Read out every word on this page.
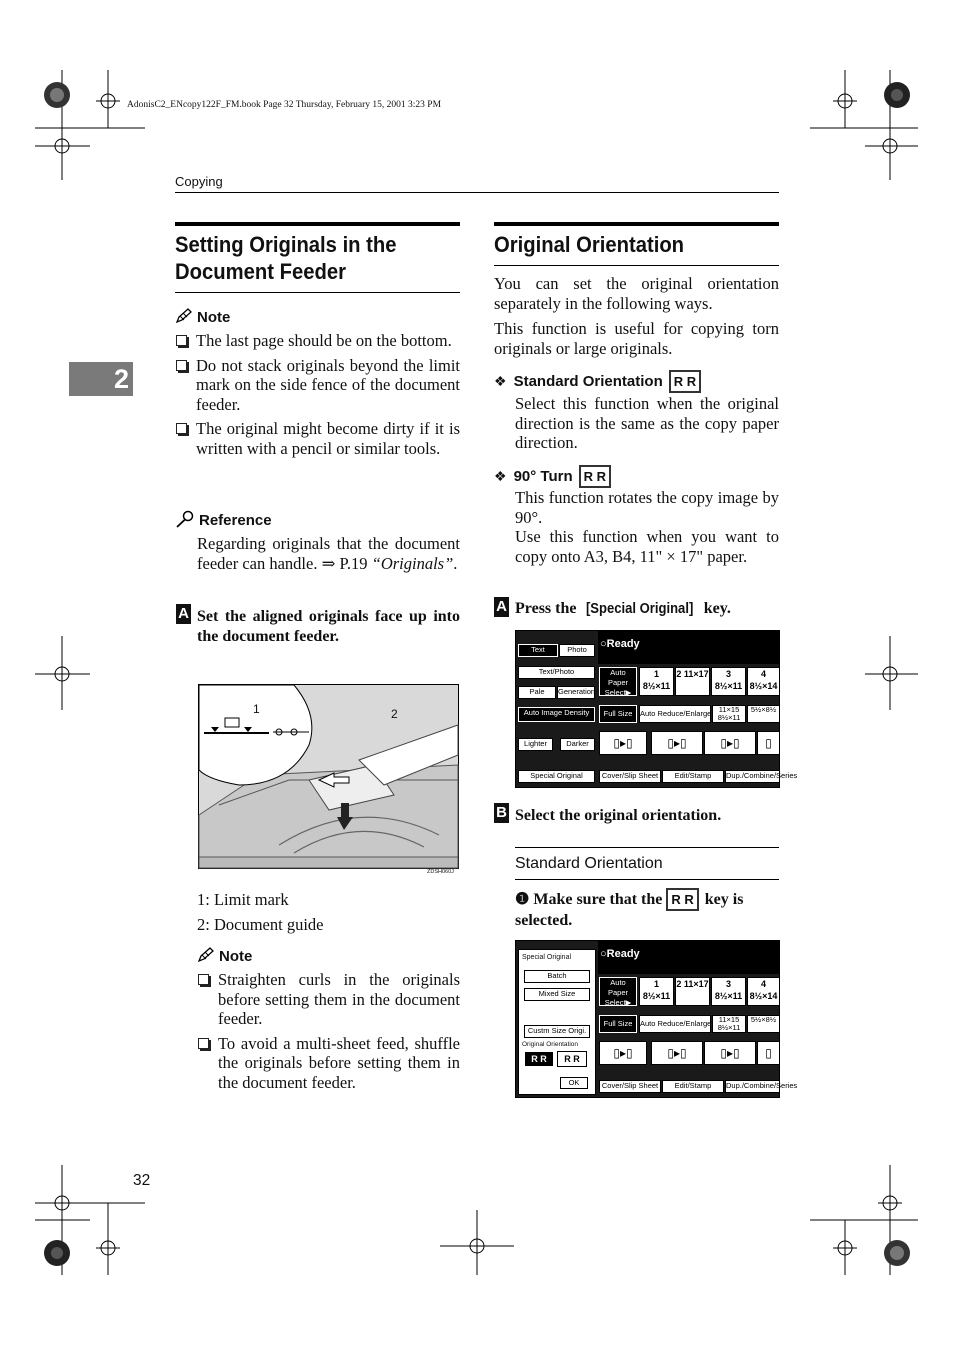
AdonisC2_ENcopy122F_FM.book Page 32 Thursday, February 15, 2001 3:23 PM
Copying
2
Setting Originals in the
Document Feeder
Note
The last page should be on the bottom.
Do not stack originals beyond the limit mark on the side fence of the document feeder.
The original might become dirty if it is written with a pencil or similar tools.
Reference
Regarding originals that the document feeder can handle. ⇒ P.19 “Originals”.
A Set the aligned originals face up into the document feeder.
1	2
ZDSH060J
1: Limit mark
2: Document guide
Note
Straighten curls in the originals before setting them in the document feeder.
To avoid a multi-sheet feed, shuffle the originals before setting them in the document feeder.
32
Original Orientation
You can set the original orientation separately in the following ways.
This function is useful for copying torn originals or large originals.
❖ Standard Orientation R R
Select this function when the original direction is the same as the copy paper direction.
❖ 90° Turn R R
This function rotates the copy image by 90°.
Use this function when you want to copy onto A3, B4, 11" × 17" paper.
A Press the [Special Original] key.
Text	Photo
Text/Photo
Pale	Generation
Auto Image Density
Lighter	Darker
Special Original
○Ready
Auto Paper Select▶
1 8½×11
2 11×17	3 8½×11
4 8½×14
Full Size	Auto Reduce/Enlarge 11×15 8½×11
5½×8½
▯▸▯	▯▸▯	▯▸▯	▯
Cover/Slip Sheet	Edit/Stamp	Dup./Combine/Series
B Select the original orientation.
Standard Orientation
❶ Make sure that the R R key is selected.
Special Original
Batch
Mixed Size
Custm Size Origi.
Original Orientation
R R	R R
OK
○Ready
Auto Paper Select▶
1 8½×11
2 11×17	3 8½×11
4 8½×14
Full Size	Auto Reduce/Enlarge 11×15 8½×11
5½×8½
▯▸▯	▯▸▯	▯▸▯	▯
Cover/Slip Sheet	Edit/Stamp	Dup./Combine/Series
